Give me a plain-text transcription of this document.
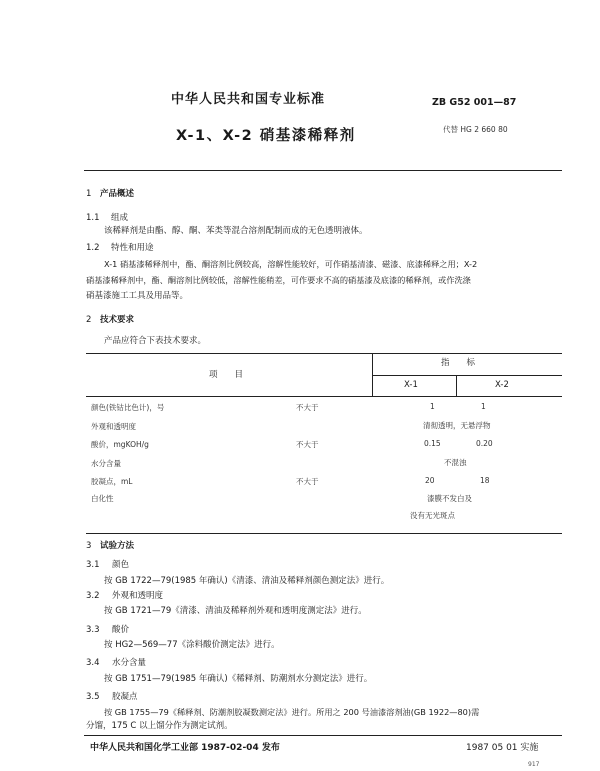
中华人民共和国专业标准	ZB G52 001—87
代替 HG 2 660 80
X-1、X-2 硝基漆稀释剂
1 产品概述
1.1 组成
该稀释剂是由酯、醇、酮、苯类等混合溶剂配制而成的无色透明液体。
1.2 特性和用途
X-1 硝基漆稀释剂中，酯、酮溶剂比例较高，溶解性能较好，可作硝基清漆、磁漆、底漆稀释之用；X-2
硝基漆稀释剂中，酯、酮溶剂比例较低，溶解性能稍差，可作要求不高的硝基漆及底漆的稀释剂，或作洗涤
硝基漆施工工具及用品等。
2 技术要求
产品应符合下表技术要求。
项　　目
指　　标
X-1	X-2
颜色(铁钴比色计)，号	不大于	1	1
外观和透明度	清彻透明，无悬浮物
酸价，mgKOH/g	不大于	0.15	0.20
水分含量	不混浊
胶凝点，mL	不大于	20	18
白化性	漆膜不发白及
没有无光斑点
3 试验方法
3.1 颜色
按 GB 1722—79(1985 年确认)《清漆、清油及稀释剂颜色测定法》进行。
3.2 外观和透明度
按 GB 1721—79《清漆、清油及稀释剂外观和透明度测定法》进行。
3.3 酸价
按 HG2—569—77《涂料酸价测定法》进行。
3.4 水分含量
按 GB 1751—79(1985 年确认)《稀释剂、防潮剂水分测定法》进行。
3.5 胶凝点
按 GB 1755—79《稀释剂、防潮剂胶凝数测定法》进行。所用之 200 号油漆溶剂油(GB 1922—80)需
分馏，175 C 以上馏分作为测定试剂。
中华人民共和国化学工业部 1987-02-04 发布	1987 05 01 实施
917
